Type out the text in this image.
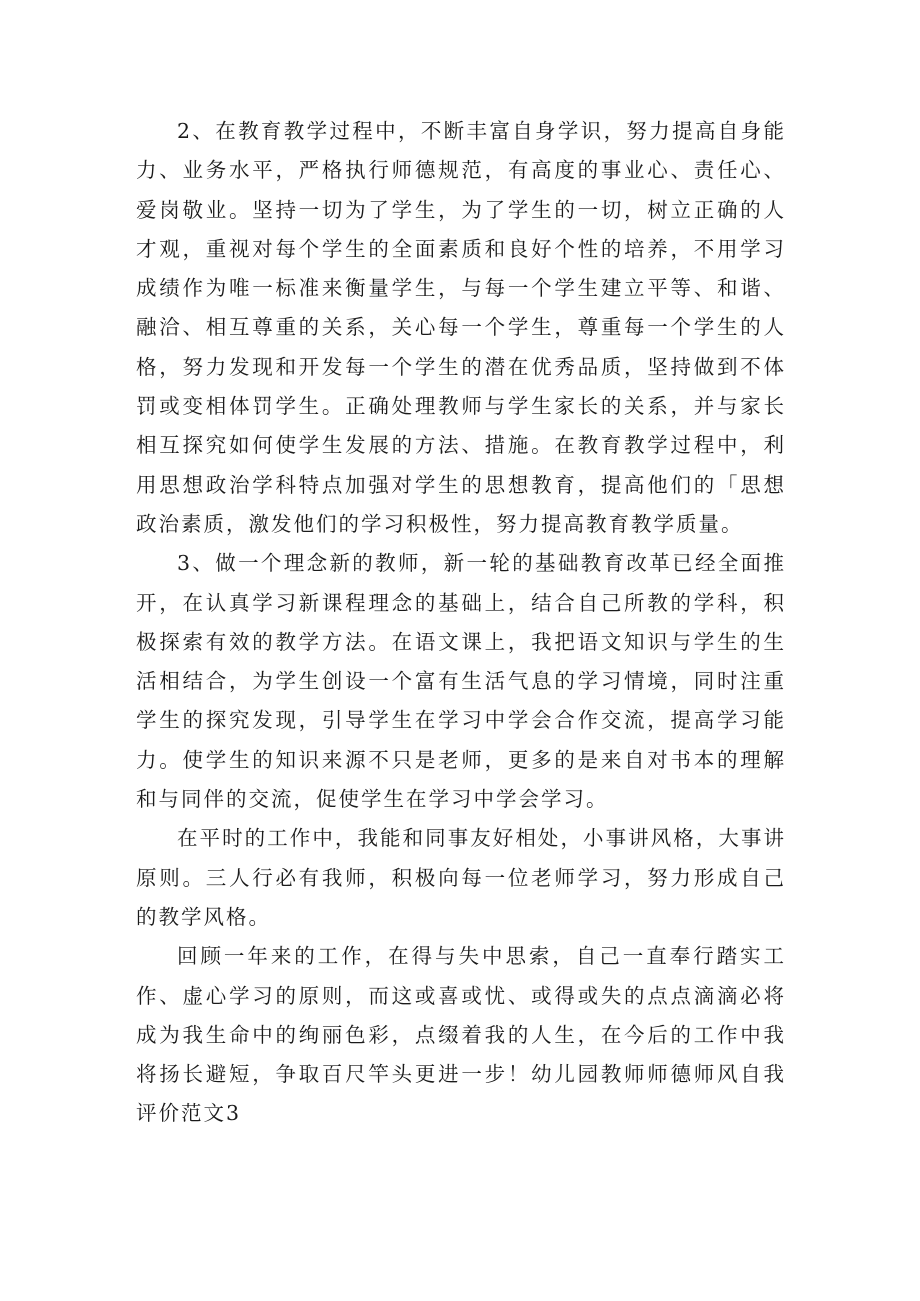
2、在教育教学过程中，不断丰富自身学识，努力提高自身能力、业务水平，严格执行师德规范，有高度的事业心、责任心、爱岗敬业。坚持一切为了学生，为了学生的一切，树立正确的人才观，重视对每个学生的全面素质和良好个性的培养，不用学习成绩作为唯一标准来衡量学生，与每一个学生建立平等、和谐、融洽、相互尊重的关系，关心每一个学生，尊重每一个学生的人格，努力发现和开发每一个学生的潜在优秀品质，坚持做到不体罚或变相体罚学生。正确处理教师与学生家长的关系，并与家长相互探究如何使学生发展的方法、措施。在教育教学过程中，利用思想政治学科特点加强对学生的思想教育，提高他们的「思想政治素质，激发他们的学习积极性，努力提高教育教学质量。

3、做一个理念新的教师，新一轮的基础教育改革已经全面推开，在认真学习新课程理念的基础上，结合自己所教的学科，积极探索有效的教学方法。在语文课上，我把语文知识与学生的生活相结合，为学生创设一个富有生活气息的学习情境，同时注重学生的探究发现，引导学生在学习中学会合作交流，提高学习能力。使学生的知识来源不只是老师，更多的是来自对书本的理解和与同伴的交流，促使学生在学习中学会学习。

在平时的工作中，我能和同事友好相处，小事讲风格，大事讲原则。三人行必有我师，积极向每一位老师学习，努力形成自己的教学风格。

回顾一年来的工作，在得与失中思索，自己一直奉行踏实工作、虚心学习的原则，而这或喜或忧、或得或失的点点滴滴必将成为我生命中的绚丽色彩，点缀着我的人生，在今后的工作中我将扬长避短，争取百尺竿头更进一步！幼儿园教师师德师风自我评价范文3
